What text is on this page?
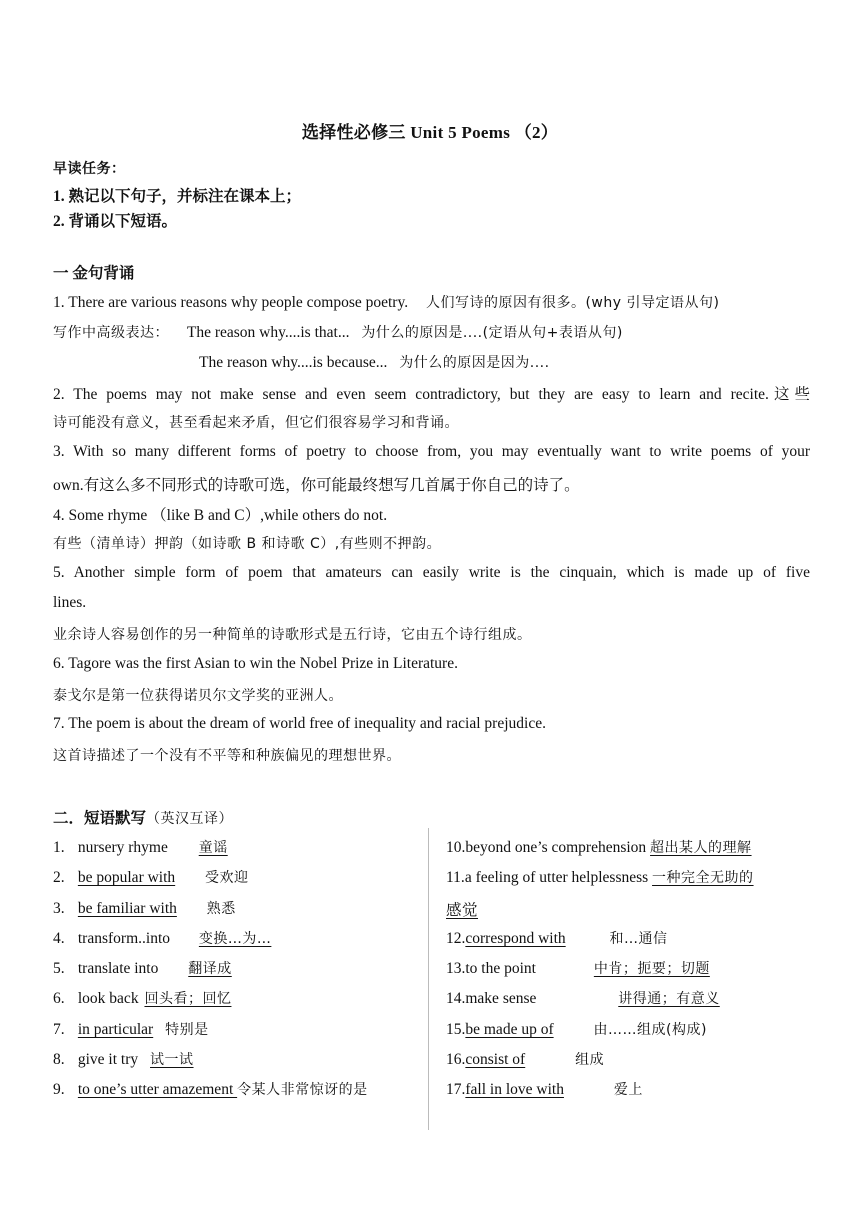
选择性必修三 Unit 5 Poems （2）
早读任务：
1. 熟记以下句子，并标注在课本上；
2. 背诵以下短语。
一 金句背诵
1. There are various reasons why people compose poetry. 人们写诗的原因有很多。(why 引导定语从句)
写作中高级表达： The reason why....is that... 为什么的原因是....(定语从句+表语从句)
The reason why....is because... 为什么的原因是因为....
2. The poems may not make sense and even seem contradictory, but they are easy to learn and recite.这些
诗可能没有意义，甚至看起来矛盾，但它们很容易学习和背诵。
3. With so many different forms of poetry to choose from, you may eventually want to write poems of your
own.有这么多不同形式的诗歌可选，你可能最终想写几首属于你自己的诗了。
4. Some rhyme （like B and C）,while others do not.
有些（清单诗）押韵（如诗歌 B 和诗歌 C）,有些则不押韵。
5. Another simple form of poem that amateurs can easily write is the cinquain, which is made up of five
lines.
业余诗人容易创作的另一种简单的诗歌形式是五行诗，它由五个诗行组成。
6. Tagore was the first Asian to win the Nobel Prize in Literature.
泰戈尔是第一位获得诺贝尔文学奖的亚洲人。
7. The poem is about the dream of world free of inequality and racial prejudice.
这首诗描述了一个没有不平等和种族偏见的理想世界。
二．短语默写（英汉互译）
1. nursery rhyme 童谣
2. be popular with 受欢迎
3. be familiar with 熟悉
4. transform..into 变换…为…
5. translate into 翻译成
6. look back 回头看；回忆
7. in particular 特别是
8. give it try 试一试
9. to one’s utter amazement 令某人非常惊讶的是
10.beyond one’s comprehension 超出某人的理解
11.a feeling of utter helplessness 一种完全无助的
感觉
12.correspond with	和…通信
13.to the point	中肯；扼要；切题
14.make sense	讲得通；有意义
15.be made up of	由……组成(构成)
16.consist of	组成
17.fall in love with	爱上
